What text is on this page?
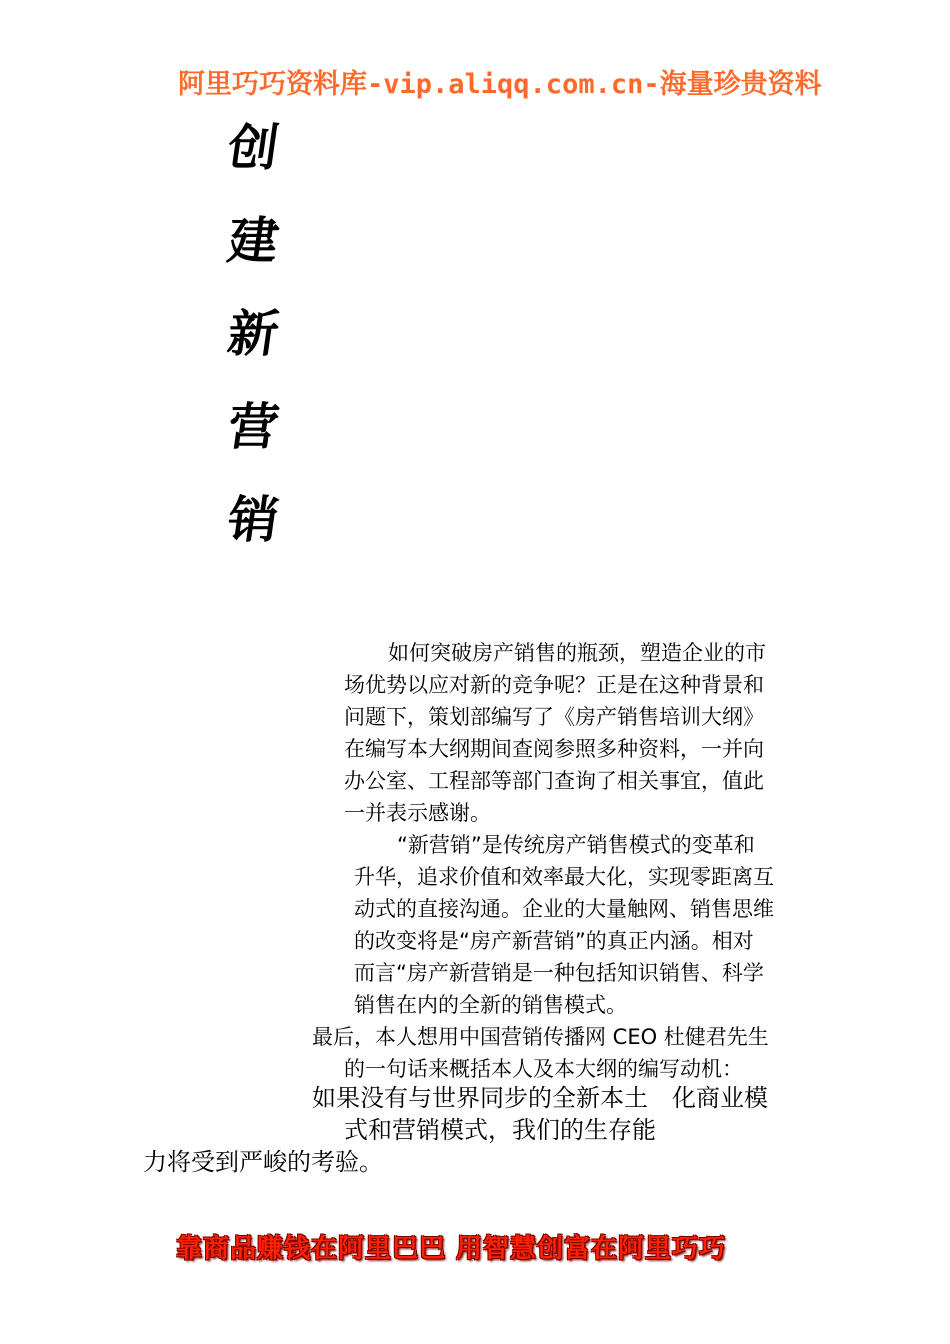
阿里巧巧资料库-vip.aliqq.com.cn-海量珍贵资料
创
建
新
营
销
如何突破房产销售的瓶颈，塑造企业的市
场优势以应对新的竞争呢？正是在这种背景和
问题下，策划部编写了《房产销售培训大纲》
在编写本大纲期间查阅参照多种资料，一并向
办公室、工程部等部门查询了相关事宜，值此
一并表示感谢。
“新营销”是传统房产销售模式的变革和
升华，追求价值和效率最大化，实现零距离互
动式的直接沟通。企业的大量触网、销售思维
的改变将是“房产新营销”的真正内涵。相对
而言“房产新营销是一种包括知识销售、科学
销售在内的全新的销售模式。
最后，本人想用中国营销传播网 CEO 杜健君先生
的一句话来概括本人及本大纲的编写动机：
如果没有与世界同步的全新本土　化商业模
式和营销模式，我们的生存能
力将受到严峻的考验。
靠商品赚钱在阿里巴巴 用智慧创富在阿里巧巧
